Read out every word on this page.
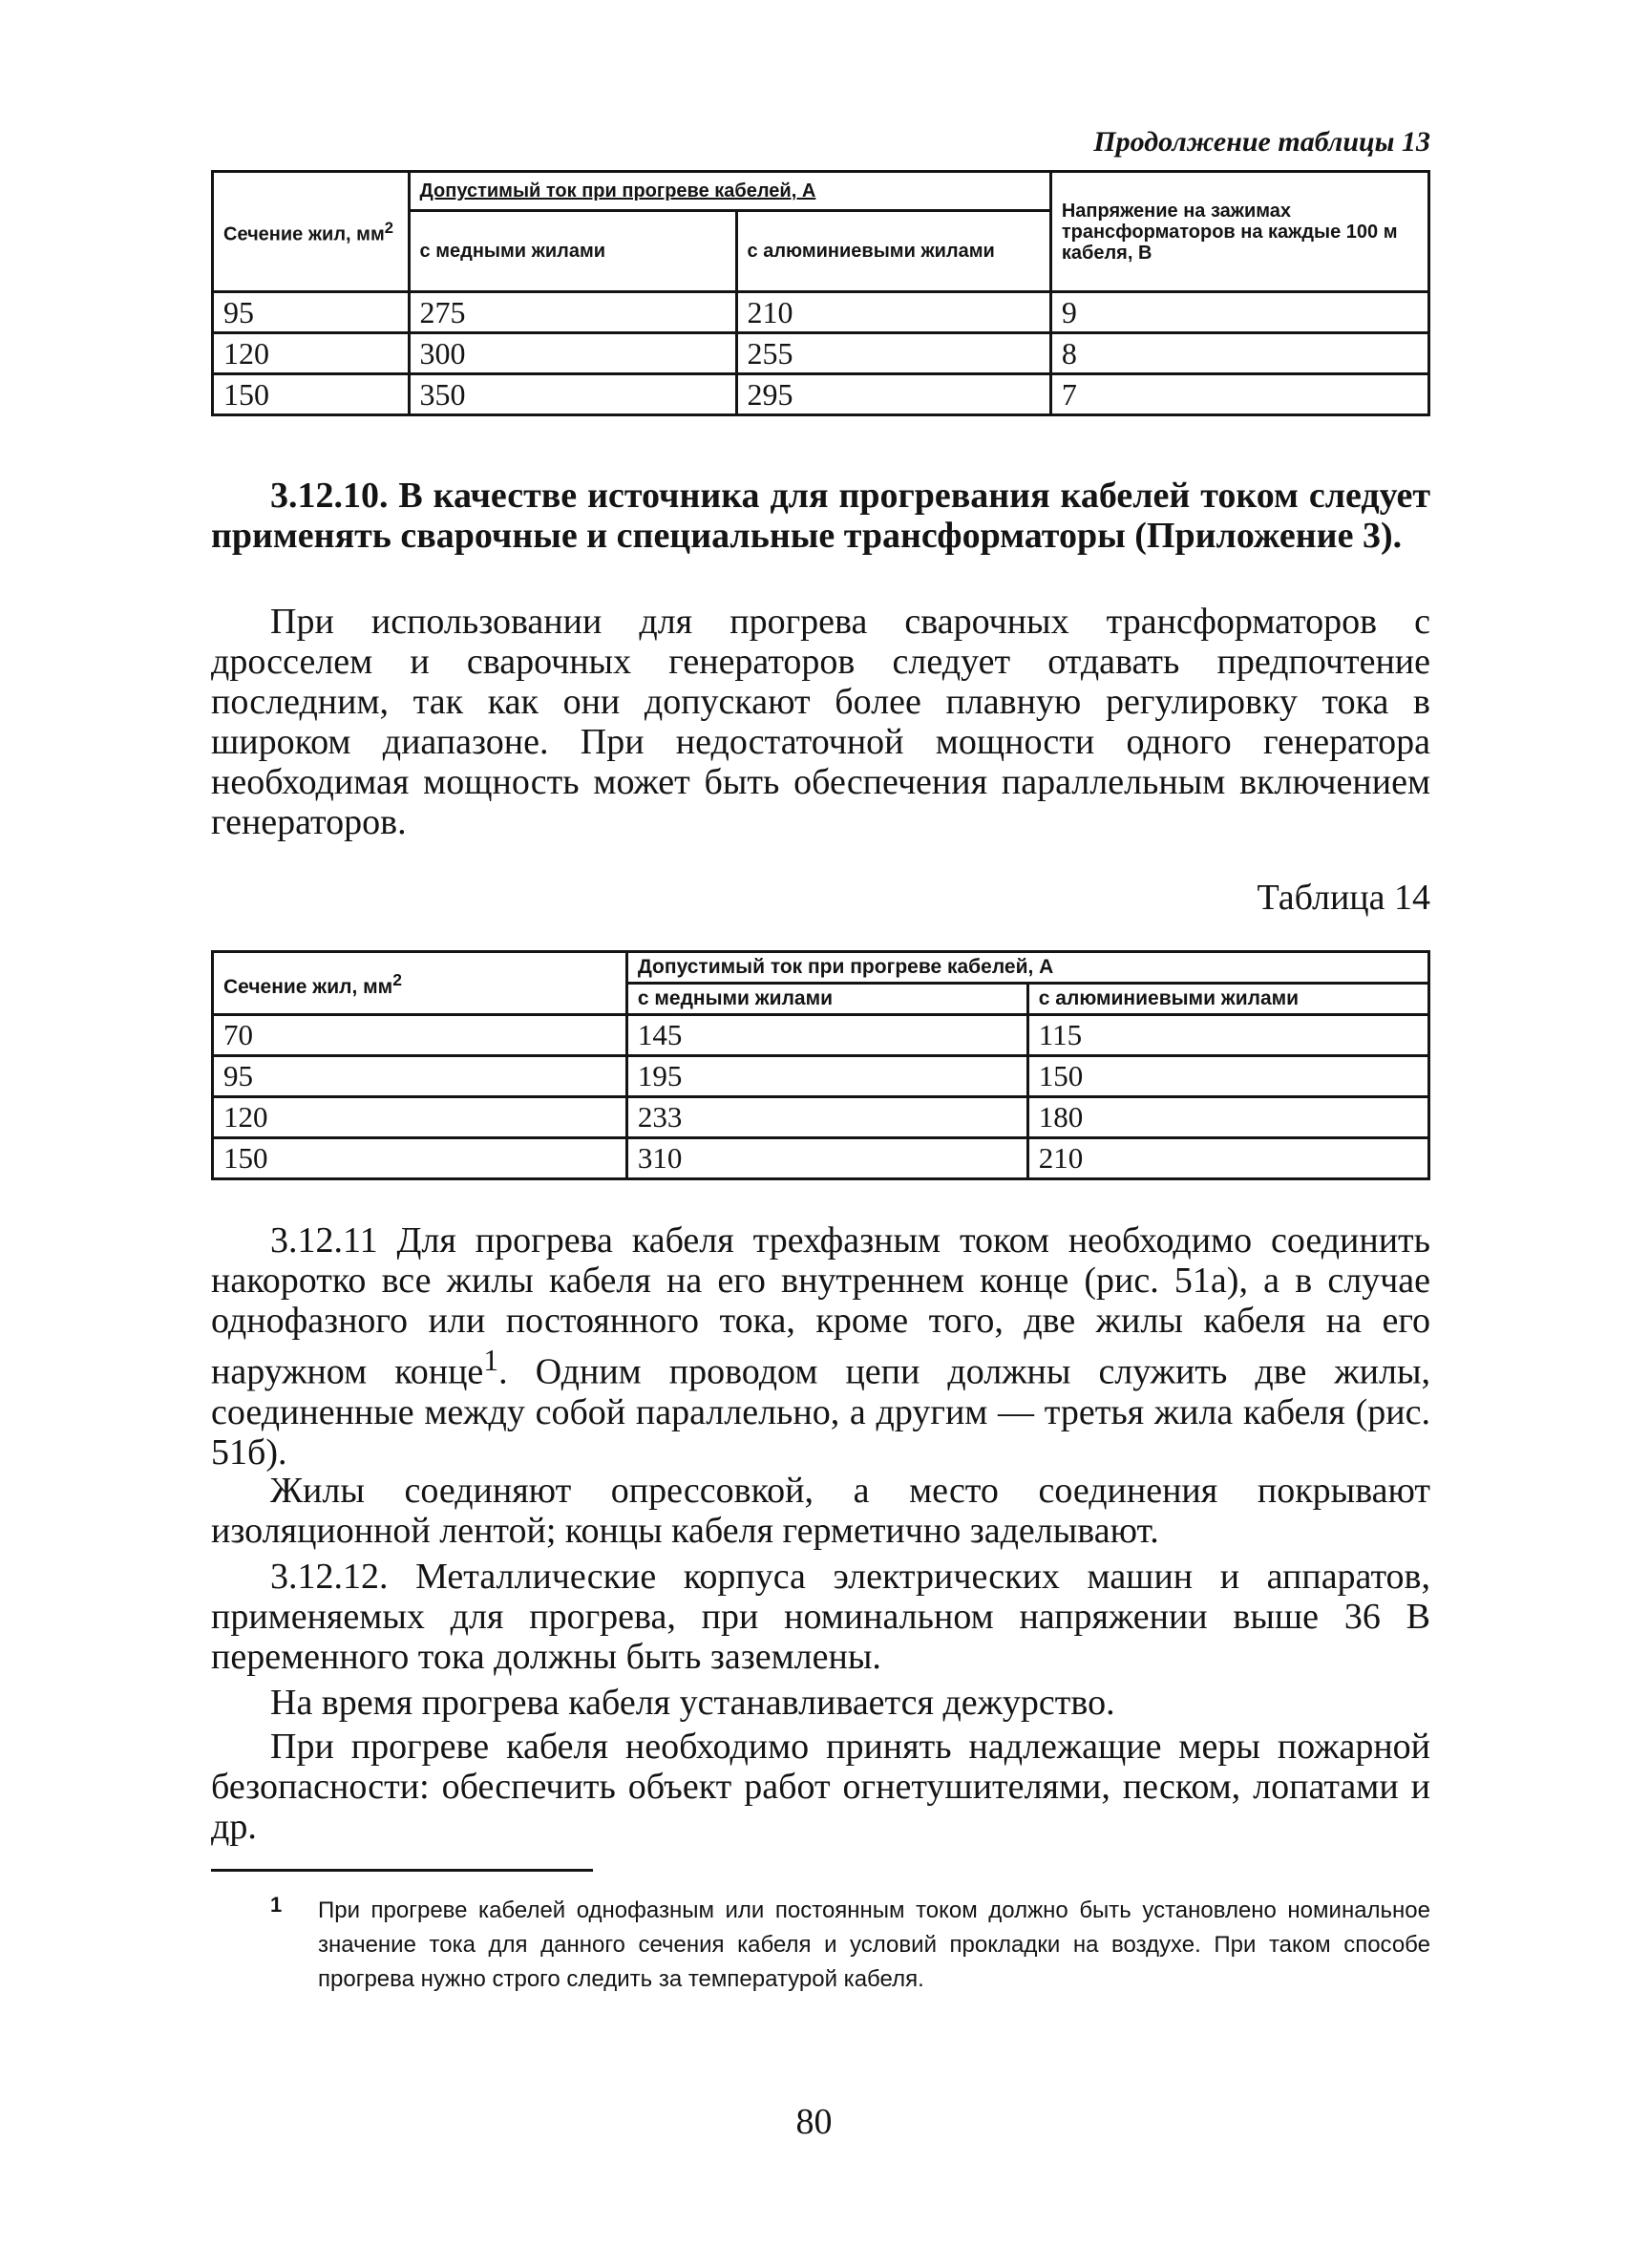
Продолжение таблицы 13
Сечение жил, $мм^2$	Допустимый ток при прогреве кабелей, А		Напряжение на зажимах трансформаторов на каждые 100 м кабеля, В
	с медными жилами	с алюминиевыми жилами	
95	275	210	9
120	300	255	8
150	350	295	7

3.12.10. В качестве источника для прогревания кабелей током следует применять сварочные и специальные трансформаторы (Приложение 3).

При использовании для прогрева сварочных трансформаторов с дросселем и сварочных генераторов следует отдавать предпочтение последним, так как они допускают более плавную регулировку тока в широком диапазоне. При недостаточной мощности одного генератора необходимая мощность может быть обеспечения параллельным включением генераторов.

Таблица 14
Сечение жил, $мм^2$	Допустимый ток при прогреве кабелей, А	
	с медными жилами	с алюминиевыми жилами
70	145	115
95	195	150
120	233	180
150	310	210

3.12.11 Для прогрева кабеля трехфазным током необходимо соединить накоротко все жилы кабеля на его внутреннем конце (рис. 51а), а в случае однофазного или постоянного тока, кроме того, две жилы кабеля на его наружном конце$^1$. Одним проводом цепи должны служить две жилы, соединенные между собой параллельно, а другим — третья жила кабеля (рис. 51б).

Жилы соединяют опрессовкой, а место соединения покрывают изоляционной лентой; концы кабеля герметично заделывают.

3.12.12. Металлические корпуса электрических машин и аппаратов, применяемых для прогрева, при номинальном напряжении выше 36 В переменного тока должны быть заземлены.

На время прогрева кабеля устанавливается дежурство.

При прогреве кабеля необходимо принять надлежащие меры пожарной безопасности: обеспечить объект работ огнетушителями, песком, лопатами и др.

1 При прогреве кабелей однофазным или постоянным током должно быть установлено номинальное значение тока для данного сечения кабеля и условий прокладки на воздухе. При таком способе прогрева нужно строго следить за температурой кабеля.
80
